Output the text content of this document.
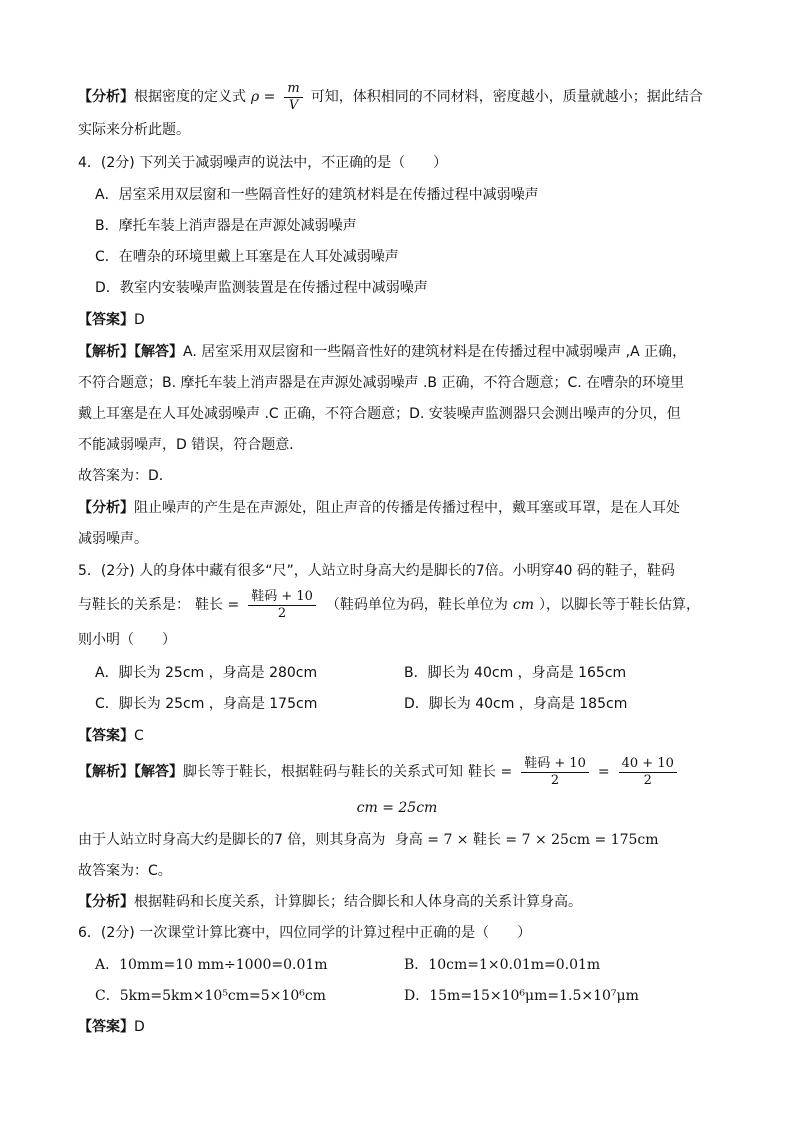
【分析】 根据密度的定义式 $\rho = \frac{m}{V}$ 可知，体积相同的不同材料，密度越小，质量就越小；据此结合
实际来分析此题。
4．(2分) 下列关于减弱噪声的说法中，不正确的是（　　）
A．居室采用双层窗和一些隔音性好的建筑材料是在传播过程中减弱噪声
B．摩托车装上消声器是在声源处减弱噪声
C．在嘈杂的环境里戴上耳塞是在人耳处减弱噪声
D．教室内安装噪声监测装置是在传播过程中减弱噪声
【答案】D
【解析】【解答】A. 居室采用双层窗和一些隔音性好的建筑材料是在传播过程中减弱噪声 ,A 正确，
不符合题意；B. 摩托车装上消声器是在声源处减弱噪声 .B 正确，不符合题意；C. 在嘈杂的环境里
戴上耳塞是在人耳处减弱噪声 .C 正确，不符合题意；D. 安装噪声监测器只会测出噪声的分贝，但
不能减弱噪声，D 错误，符合题意．
故答案为：D．
【分析】阻止噪声的产生是在声源处，阻止声音的传播是传播过程中，戴耳塞或耳罩，是在人耳处
减弱噪声。
5．(2分) 人的身体中藏有很多“尺”，人站立时身高大约是脚长的7倍。小明穿40 码的鞋子，鞋码
与鞋长的关系是： 鞋长 = $\frac{\text{鞋码 + 10}}{2}$ （鞋码单位为码，鞋长单位为 cm ），以脚长等于鞋长估算，
则小明（　　）
A．脚长为 25cm ，身高是 280cm	B．脚长为 40cm ，身高是 165cm
C．脚长为 25cm ，身高是 175cm	D．脚长为 40cm ，身高是 185cm
【答案】C
【解析】【解答】 脚长等于鞋长，根据鞋码与鞋长的关系式可知 鞋长 = $\frac{\text{鞋码 + 10}}{2} = \frac{40 + 10}{2}$
cm = 25cm
由于人站立时身高大约是脚长的7 倍，则其身高为 身高 = 7 × 鞋长 = 7 × 25cm = 175cm
故答案为：C。
【分析】根据鞋码和长度关系，计算脚长；结合脚长和人体身高的关系计算身高。
6．(2分) 一次课堂计算比赛中，四位同学的计算过程中正确的是（　　）
A．10mm=10 mm÷1000=0.01m	B．10cm=1×0.01m=0.01m
C．5km=5km×10⁵cm=5×10⁶cm	D．15m=15×10⁶μm=1.5×10⁷μm
【答案】D
